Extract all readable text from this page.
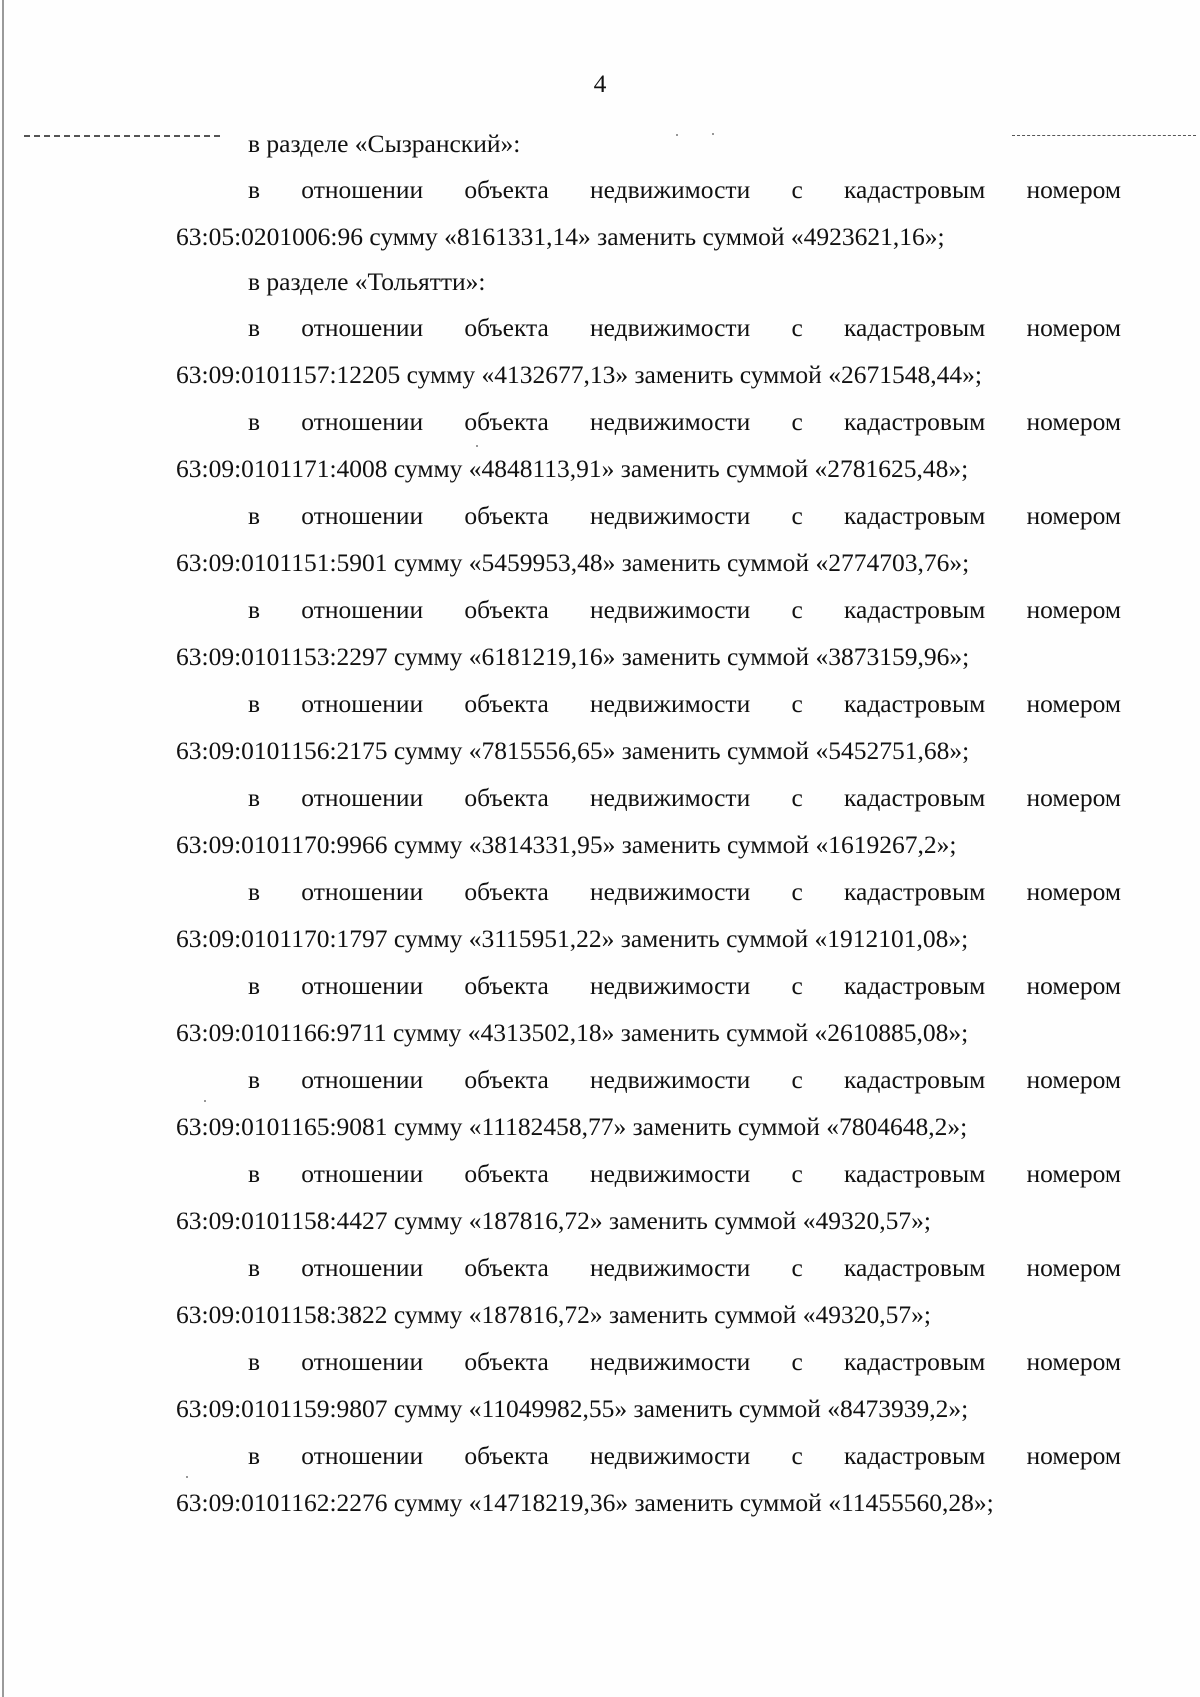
4
в разделе «Сызранский»:
в отношении объекта недвижимости с кадастровым номером
63:05:0201006:96 сумму «8161331,14» заменить суммой «4923621,16»;
в разделе «Тольятти»:
в отношении объекта недвижимости с кадастровым номером
63:09:0101157:12205 сумму «4132677,13» заменить суммой «2671548,44»;
в отношении объекта недвижимости с кадастровым номером
63:09:0101171:4008 сумму «4848113,91» заменить суммой «2781625,48»;
в отношении объекта недвижимости с кадастровым номером
63:09:0101151:5901 сумму «5459953,48» заменить суммой «2774703,76»;
в отношении объекта недвижимости с кадастровым номером
63:09:0101153:2297 сумму «6181219,16» заменить суммой «3873159,96»;
в отношении объекта недвижимости с кадастровым номером
63:09:0101156:2175 сумму «7815556,65» заменить суммой «5452751,68»;
в отношении объекта недвижимости с кадастровым номером
63:09:0101170:9966 сумму «3814331,95» заменить суммой «1619267,2»;
в отношении объекта недвижимости с кадастровым номером
63:09:0101170:1797 сумму «3115951,22» заменить суммой «1912101,08»;
в отношении объекта недвижимости с кадастровым номером
63:09:0101166:9711 сумму «4313502,18» заменить суммой «2610885,08»;
в отношении объекта недвижимости с кадастровым номером
63:09:0101165:9081 сумму «11182458,77» заменить суммой «7804648,2»;
в отношении объекта недвижимости с кадастровым номером
63:09:0101158:4427 сумму «187816,72» заменить суммой «49320,57»;
в отношении объекта недвижимости с кадастровым номером
63:09:0101158:3822 сумму «187816,72» заменить суммой «49320,57»;
в отношении объекта недвижимости с кадастровым номером
63:09:0101159:9807 сумму «11049982,55» заменить суммой «8473939,2»;
в отношении объекта недвижимости с кадастровым номером
63:09:0101162:2276 сумму «14718219,36» заменить суммой «11455560,28»;
